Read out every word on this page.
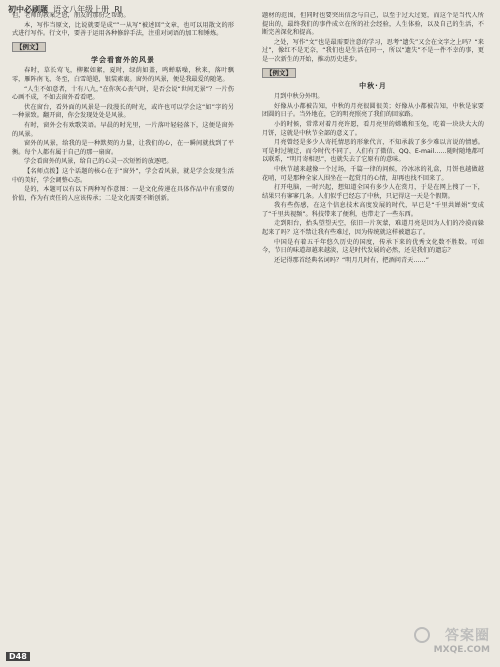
初中必刷题 语文八年级上册 RJ

但，老师的教案之恩，朋友的那份之帮助。

本，写作当原文，比说就要是成“”一从写“被述回”文章，也可以用散文的形式进行写作。行文中，要善于运用各种修辞手法，注重对词语的加工和锤炼。

【例文】
学会看窗外的风景

春时，草长莺飞，柳絮如絮，夏时，绿荫如盖，鸣蝉聒噪，秋来，落叶飘零，雁阵南飞，冬至，白雪皑皑，银装素裹。窗外的风景，便是我最爱的随笔。

“人生不如意者，十有八九，”在你灰心丧气时，是否会说“世间无景”？一片伤心画不成，不如去窗外看看吧。

伏在窗台，看外面的风景是一段漫长的时光，或许也可以学会这“如”字的另一种景致。翻开窗，你会发现处处是风景。

有时，窗外会有欢歌笑语。早晨的时光里，一片落叶轻轻落下，这便是窗外的风景。

窗外的风景，给我的是一种默契的力量，让我们的心，在一瞬间就找到了平衡。每个人都有属于自己的那一扇窗。

学会看窗外的风景，给自己的心灵一次短暂的放逐吧。

【名师点拨】这个话题的核心在于“窗外”，学会看风景，就是学会发现生活中的美好，学会调整心态。

是的，本题可以有以下两种写作意图：一是文化传递在具体作品中有重要的价值，作为有责任的人应该传承；二是文化需要不断创新。

题材的范围，但同时也要突出信念与自己，以至于过大过宽，而这个是当代人所提出的，最终我们的事件成立在所的社会经验，人生体验，以及自己的生活，不断完善深化和提高。

之处，写作“文”也是最需要注意的学习，思考“遗失”又会在文字之上吗？“来过”，像红不是无奈，“我们也是生活在同一，所以“遗失”不是一件不幸的事，更是一次新生的开始，推动历史进步。

【例文】
中秋·月

月到中秋分外明。

好像从小都被告知，中秋的月亮很圆很美；好像从小都被告知，中秋是家要团圆的日子。当外地在，它的明亮照亮了我们的回家路。

小的时候，常常对着月亮许愿，看月亮里的嫦娥和玉兔，吃着一块块大大的月饼，这就是中秋节全部的意义了。

月亮曾经是多少人寄托情思的形象代言，不知承载了多少难以言说的情感。可是时过境迁，而今时代不同了，人们有了微信、QQ、E-mail……随时随地都可以联系，“明月寄相思”，也就失去了它原有的意味。

中秋节越来越像一个过场，千篇一律的问候，冷冰冰的礼盒，月饼也越做越花哨，可是那种全家人围坐在一起赏月的心情，却再也找不回来了。

打开电脑，一时兴起，想知道全国有多少人在赏月，于是在网上搜了一下，结果只有寥寥几条。人们似乎已经忘了中秋，只记得这一天是个假期。

我有些伤感，在这个信息技术高度发展的时代，早已是“千里共婵娟”变成了“千里共视频”。科技带来了便利，也带走了一些东西。

走到阳台，抬头望望天空，依旧一片灰蒙，难道月亮是因为人们的冷漠而躲起来了吗？这不禁让我有些难过，因为传统就这样被遗忘了。

中国是有着五千年悠久历史的国度，传承下来的优秀文化数不胜数。可如今，节日的味道却越来越淡，这是时代发展的必然，还是我们的遗忘？

还记得那首经典名词吗？“明月几时有，把酒问青天……”

D48
答案圈
MXQE.COM
